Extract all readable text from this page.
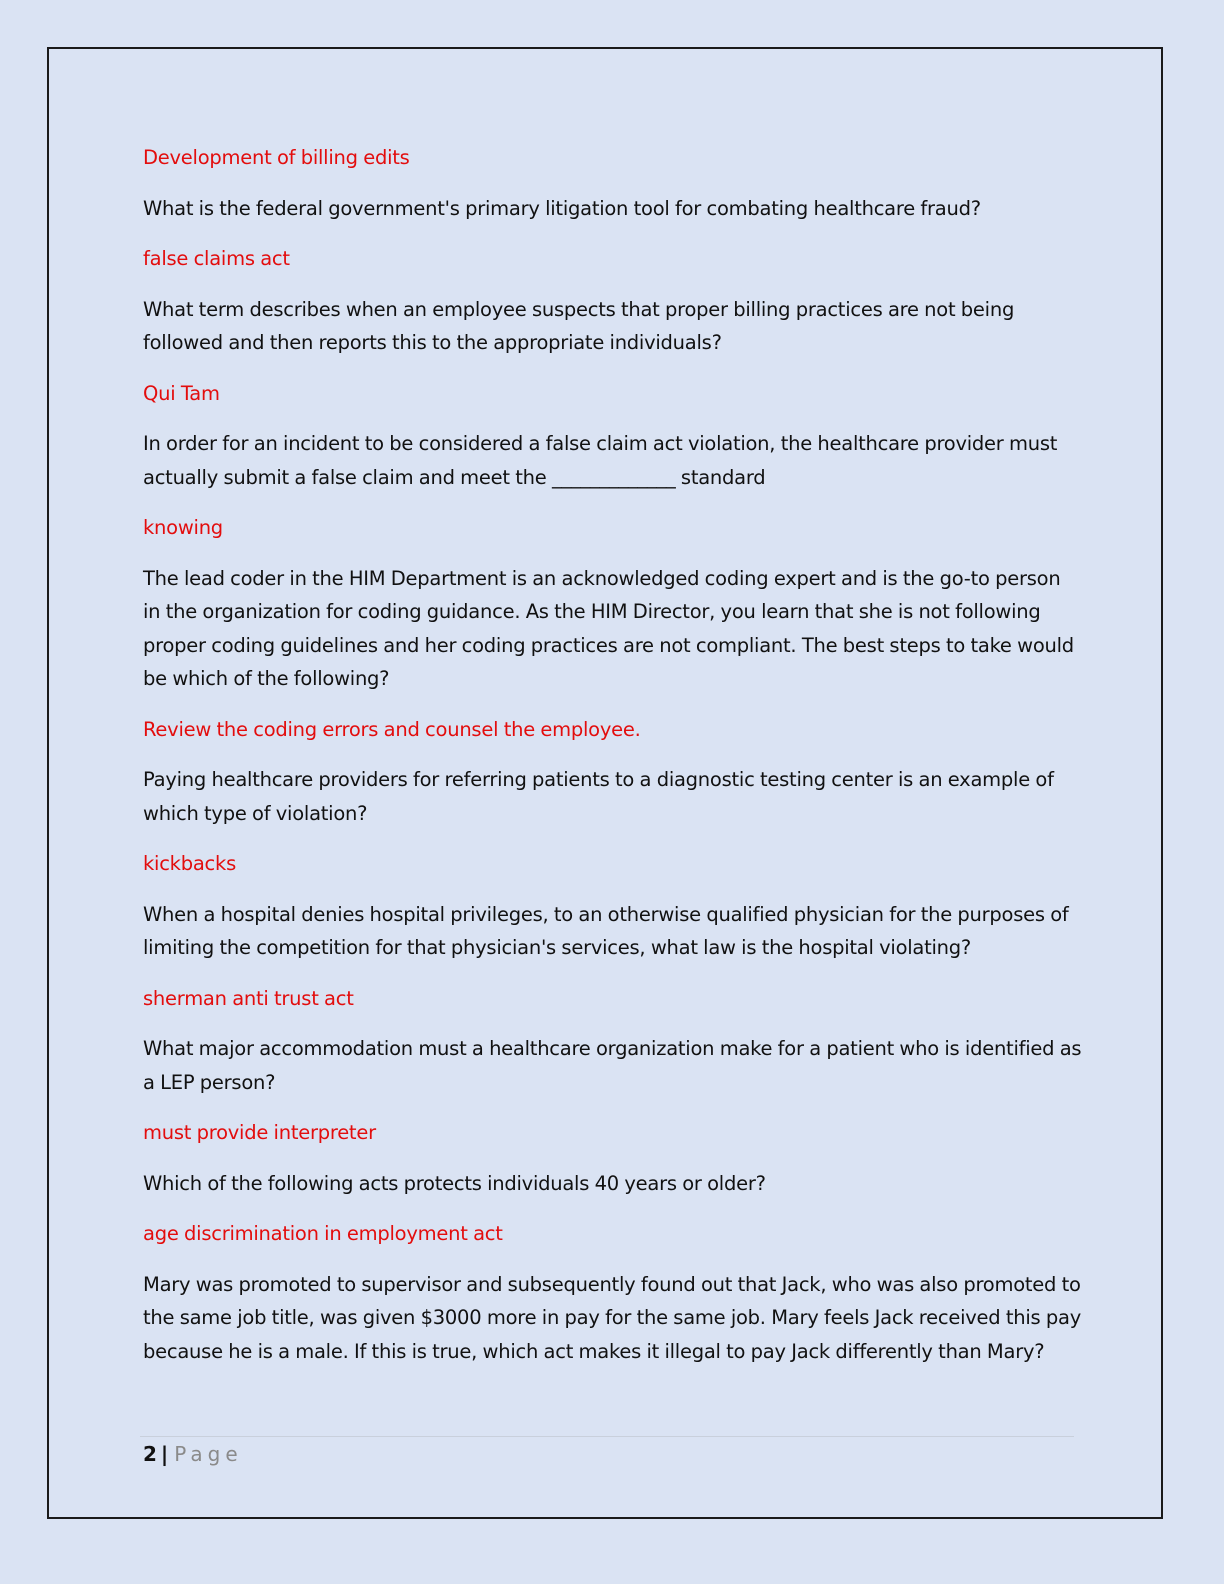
Development of billing edits

What is the federal government's primary litigation tool for combating healthcare fraud?

false claims act

What term describes when an employee suspects that proper billing practices are not being followed and then reports this to the appropriate individuals?

Qui Tam

In order for an incident to be considered a false claim act violation, the healthcare provider must actually submit a false claim and meet the _____________ standard

knowing

The lead coder in the HIM Department is an acknowledged coding expert and is the go-to person in the organization for coding guidance. As the HIM Director, you learn that she is not following proper coding guidelines and her coding practices are not compliant. The best steps to take would be which of the following?

Review the coding errors and counsel the employee.

Paying healthcare providers for referring patients to a diagnostic testing center is an example of which type of violation?

kickbacks

When a hospital denies hospital privileges, to an otherwise qualified physician for the purposes of limiting the competition for that physician's services, what law is the hospital violating?

sherman anti trust act

What major accommodation must a healthcare organization make for a patient who is identified as a LEP person?

must provide interpreter

Which of the following acts protects individuals 40 years or older?

age discrimination in employment act

Mary was promoted to supervisor and subsequently found out that Jack, who was also promoted to the same job title, was given $3000 more in pay for the same job. Mary feels Jack received this pay because he is a male. If this is true, which act makes it illegal to pay Jack differently than Mary?

2 | Page
